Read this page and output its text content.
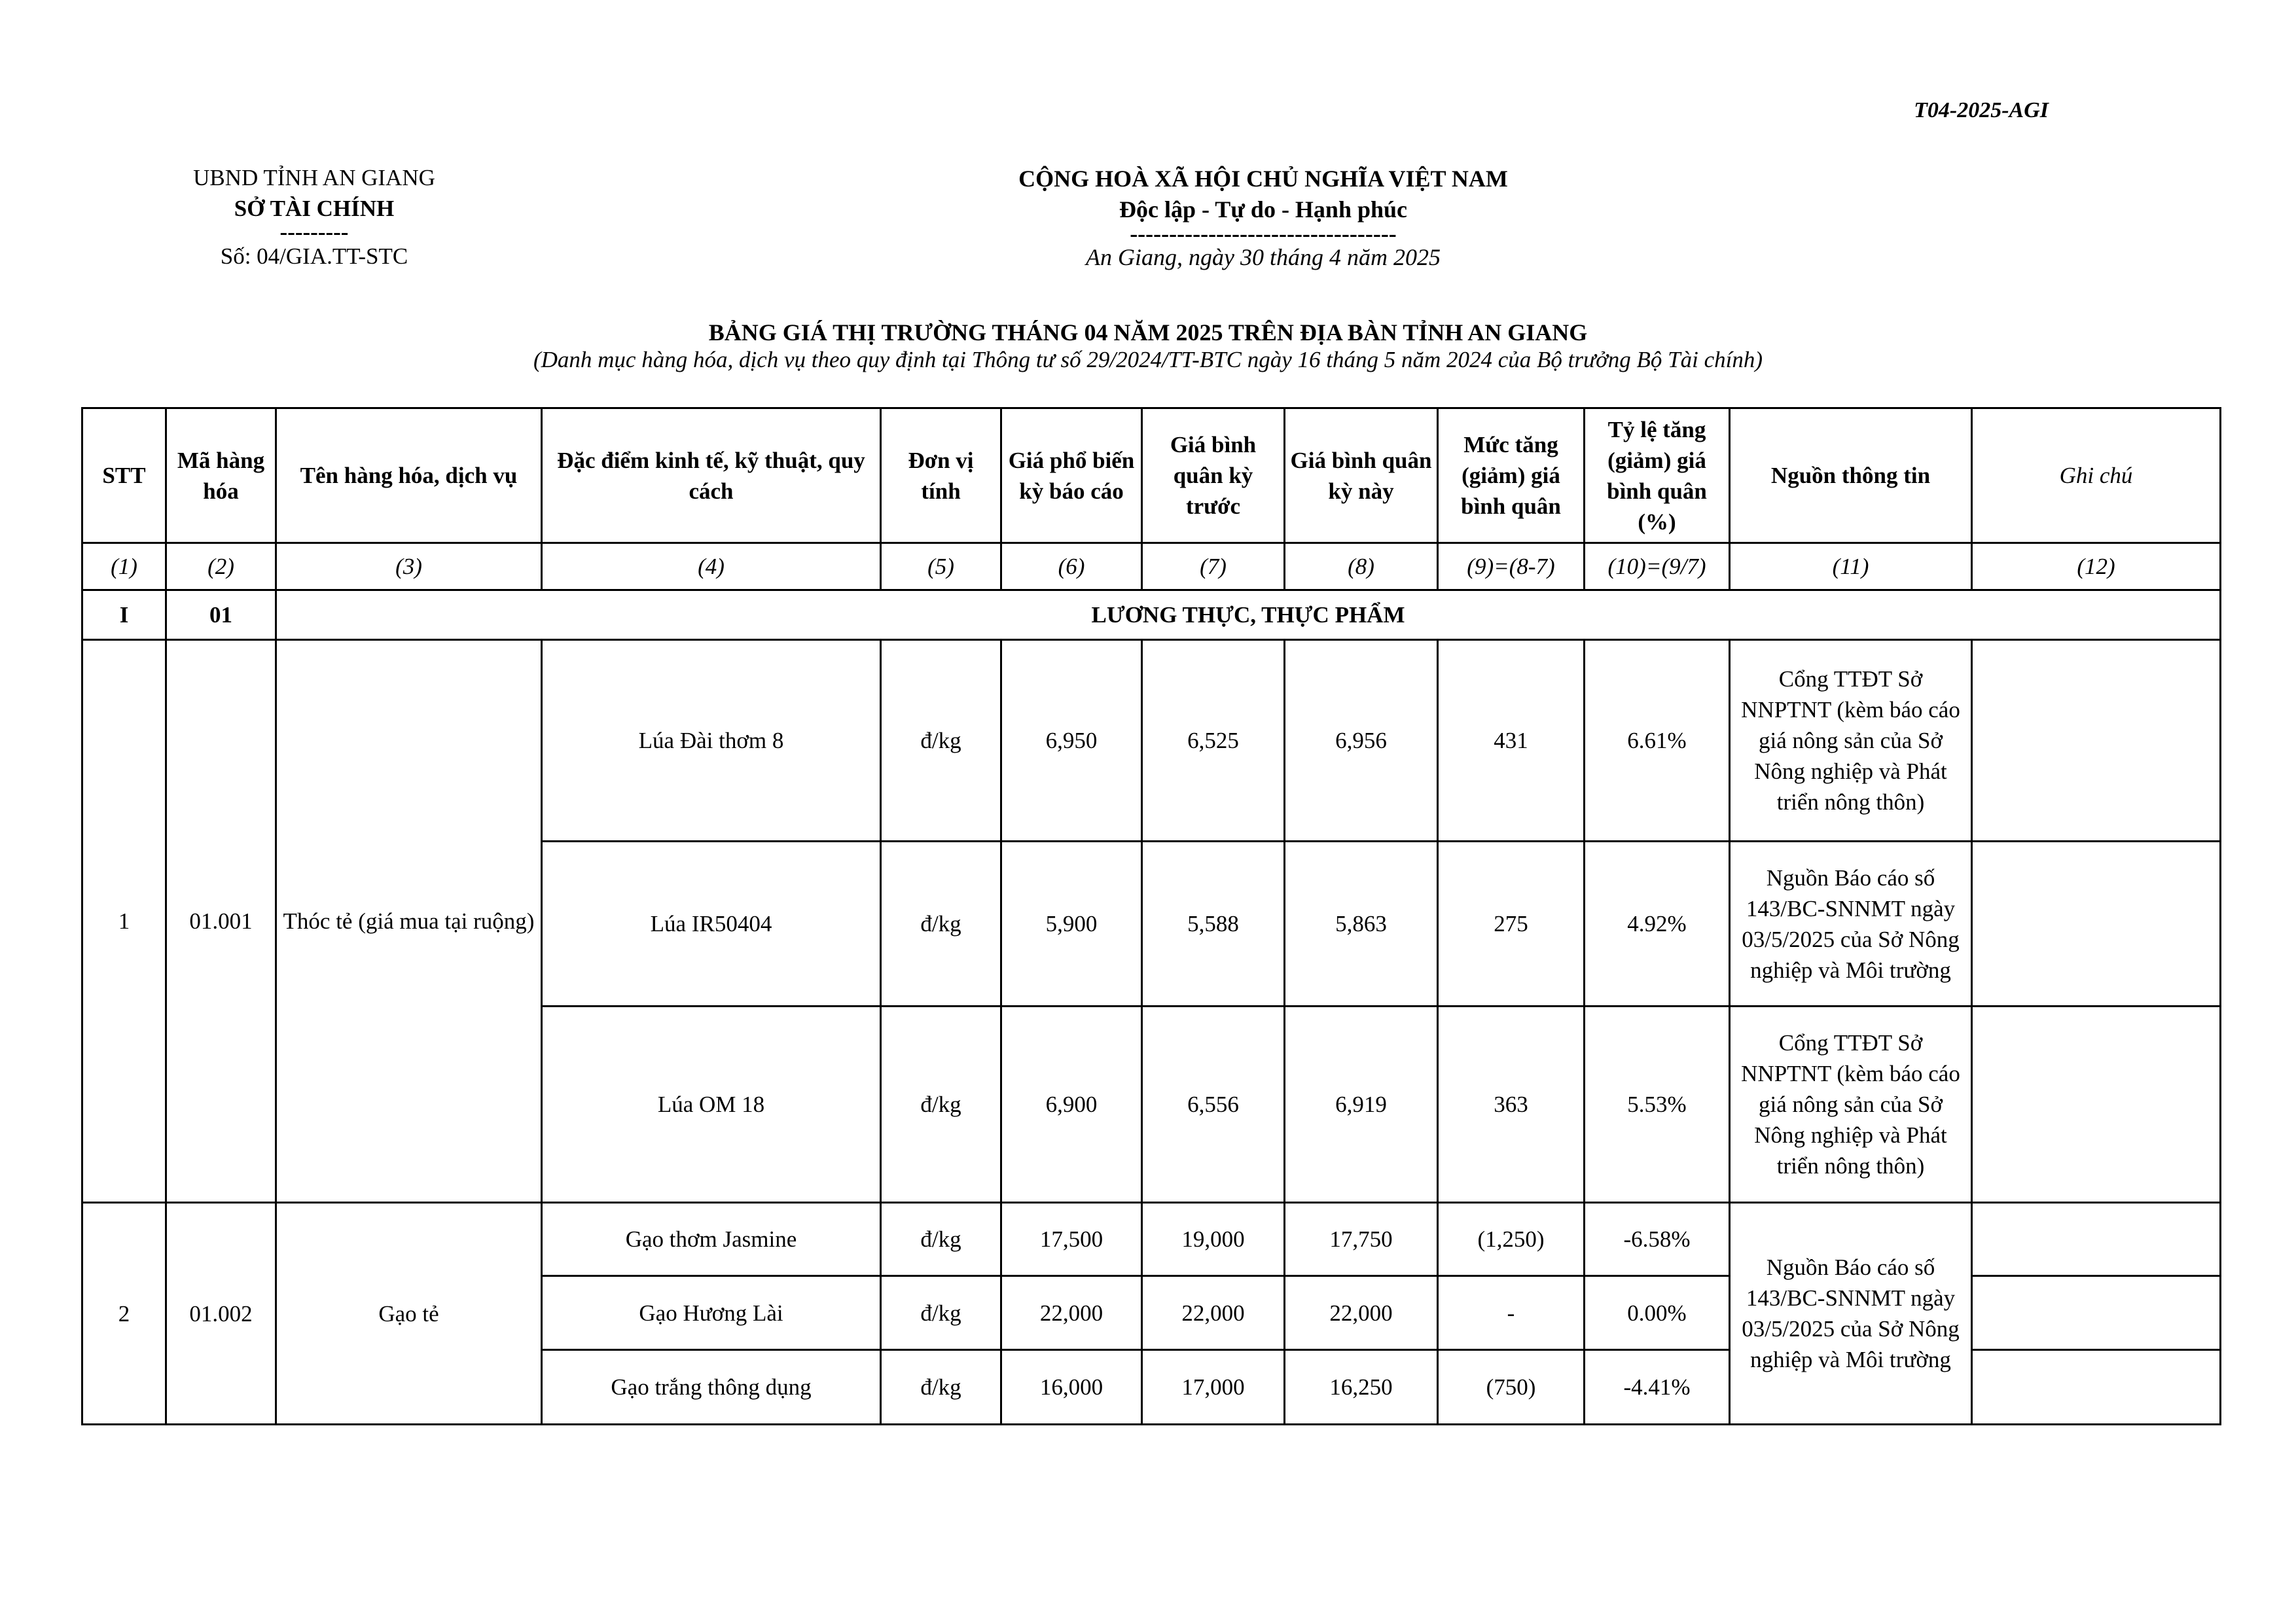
T04-2025-AGI
UBND TỈNH AN GIANG
SỞ TÀI CHÍNH
---------
Số: 04/GIA.TT-STC
CỘNG HOÀ XÃ HỘI CHỦ NGHĨA VIỆT NAM
Độc lập - Tự do - Hạnh phúc
----------------------------------
An Giang, ngày 30 tháng 4 năm 2025
BẢNG GIÁ THỊ TRƯỜNG THÁNG 04 NĂM 2025 TRÊN ĐỊA BÀN TỈNH AN GIANG
(Danh mục hàng hóa, dịch vụ theo quy định tại Thông tư số 29/2024/TT-BTC ngày 16 tháng 5 năm 2024 của Bộ trưởng Bộ Tài chính)
STT	Mã hàng hóa	Tên hàng hóa, dịch vụ	Đặc điểm kinh tế, kỹ thuật, quy cách	Đơn vị tính	Giá phổ biến kỳ báo cáo	Giá bình quân kỳ trước	Giá bình quân kỳ này	Mức tăng (giảm) giá bình quân	Tỷ lệ tăng (giảm) giá bình quân (%)	Nguồn thông tin	Ghi chú
(1)	(2)	(3)	(4)	(5)	(6)	(7)	(8)	(9)=(8-7)	(10)=(9/7)	(11)	(12)
I	01	LƯƠNG THỰC, THỰC PHẨM									
1	01.001	Thóc tẻ (giá mua tại ruộng)	Lúa Đài thơm 8	đ/kg	6,950	6,525	6,956	431	6.61%	Cổng TTĐT Sở NNPTNT (kèm báo cáo giá nông sản của Sở Nông nghiệp và Phát triển nông thôn)	
			Lúa IR50404	đ/kg	5,900	5,588	5,863	275	4.92%	Nguồn Báo cáo số 143/BC-SNNMT ngày 03/5/2025 của Sở Nông nghiệp và Môi trường	
			Lúa OM 18	đ/kg	6,900	6,556	6,919	363	5.53%	Cổng TTĐT Sở NNPTNT (kèm báo cáo giá nông sản của Sở Nông nghiệp và Phát triển nông thôn)	
2	01.002	Gạo tẻ	Gạo thơm Jasmine	đ/kg	17,500	19,000	17,750	(1,250)	-6.58%	Nguồn Báo cáo số 143/BC-SNNMT ngày 03/5/2025 của Sở Nông nghiệp và Môi trường	
			Gạo Hương Lài	đ/kg	22,000	22,000	22,000	-	0.00%		
			Gạo trắng thông dụng	đ/kg	16,000	17,000	16,250	(750)	-4.41%		
